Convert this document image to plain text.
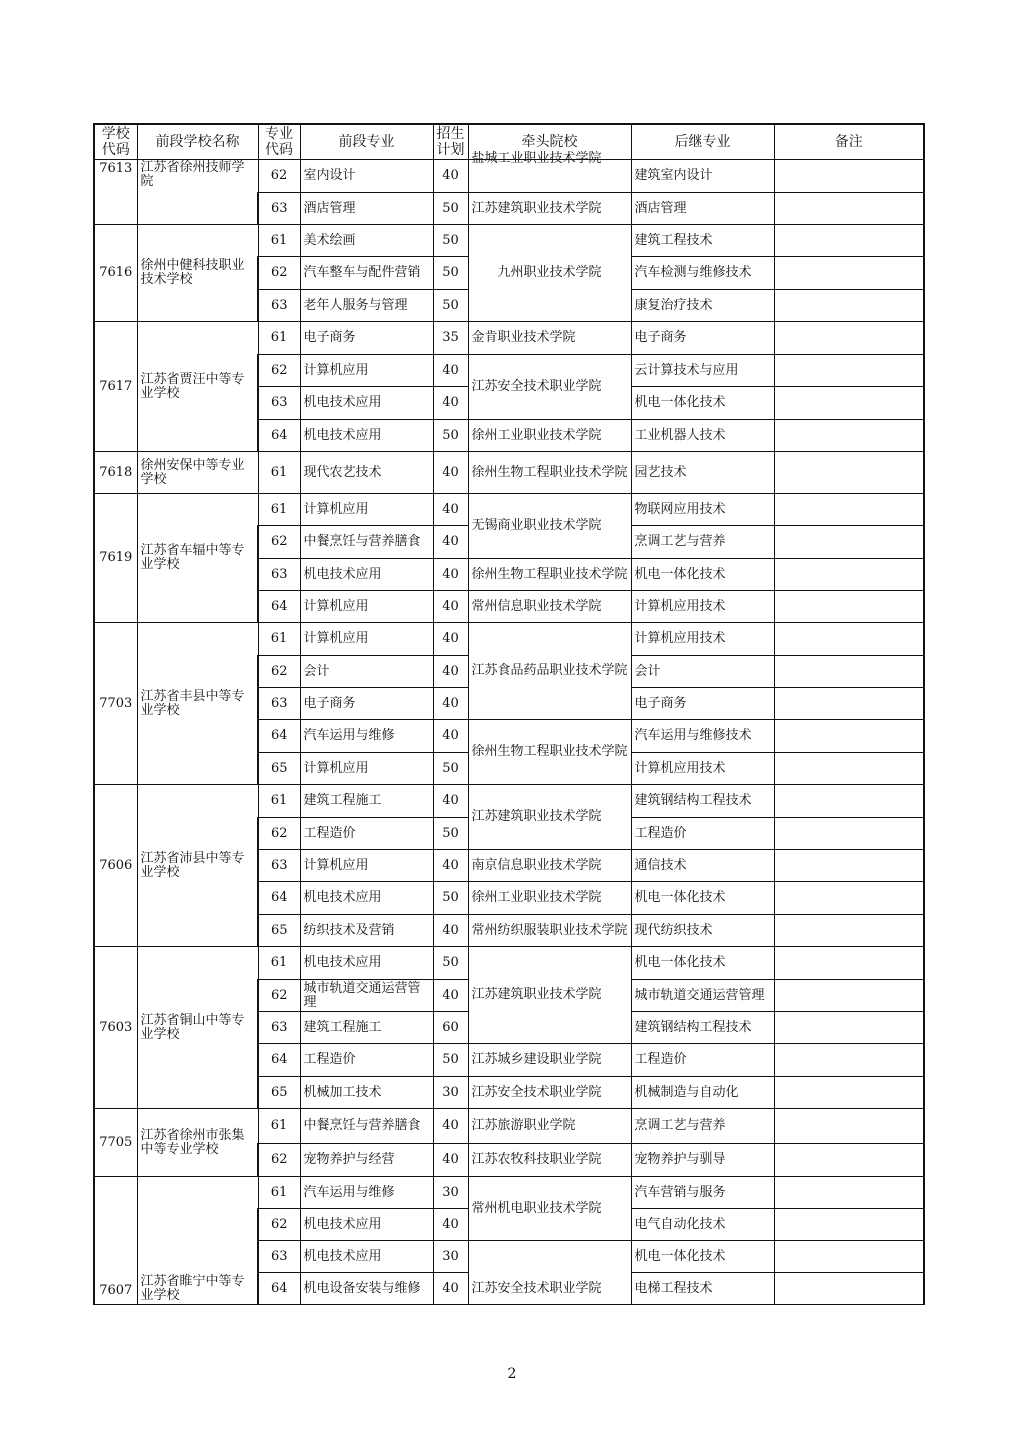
学校代码	前段学校名称	专业代码	前段专业	招生计划	牵头院校	后继专业	备注
7613	江苏省徐州技师学院	62	室内设计	40	盐城工业职业技术学院	建筑室内设计	
		63	酒店管理	50	江苏建筑职业技术学院	酒店管理	
7616	徐州中健科技职业技术学校	61	美术绘画	50	九州职业技术学院	建筑工程技术	
		62	汽车整车与配件营销	50		汽车检测与维修技术	
		63	老年人服务与管理	50		康复治疗技术	
7617	江苏省贾汪中等专业学校	61	电子商务	35	金肯职业技术学院	电子商务	
		62	计算机应用	40	江苏安全技术职业学院	云计算技术与应用	
		63	机电技术应用	40		机电一体化技术	
		64	机电技术应用	50	徐州工业职业技术学院	工业机器人技术	
7618	徐州安保中等专业学校	61	现代农艺技术	40	徐州生物工程职业技术学院	园艺技术	
7619	江苏省车辐中等专业学校	61	计算机应用	40	无锡商业职业技术学院	物联网应用技术	
		62	中餐烹饪与营养膳食	40		烹调工艺与营养	
		63	机电技术应用	40	徐州生物工程职业技术学院	机电一体化技术	
		64	计算机应用	40	常州信息职业技术学院	计算机应用技术	
7703	江苏省丰县中等专业学校	61	计算机应用	40	江苏食品药品职业技术学院	计算机应用技术	
		62	会计	40		会计	
		63	电子商务	40		电子商务	
		64	汽车运用与维修	40	徐州生物工程职业技术学院	汽车运用与维修技术	
		65	计算机应用	50		计算机应用技术	
7606	江苏省沛县中等专业学校	61	建筑工程施工	40	江苏建筑职业技术学院	建筑钢结构工程技术	
		62	工程造价	50		工程造价	
		63	计算机应用	40	南京信息职业技术学院	通信技术	
		64	机电技术应用	50	徐州工业职业技术学院	机电一体化技术	
		65	纺织技术及营销	40	常州纺织服装职业技术学院	现代纺织技术	
7603	江苏省铜山中等专业学校	61	机电技术应用	50	江苏建筑职业技术学院	机电一体化技术	
		62	城市轨道交通运营管理	40		城市轨道交通运营管理	
		63	建筑工程施工	60		建筑钢结构工程技术	
		64	工程造价	50	江苏城乡建设职业学院	工程造价	
		65	机械加工技术	30	江苏安全技术职业学院	机械制造与自动化	
7705	江苏省徐州市张集中等专业学校	61	中餐烹饪与营养膳食	40	江苏旅游职业学院	烹调工艺与营养	
		62	宠物养护与经营	40	江苏农牧科技职业学院	宠物养护与驯导	
7607	江苏省睢宁中等专业学校	61	汽车运用与维修	30	常州机电职业技术学院	汽车营销与服务	
		62	机电技术应用	40		电气自动化技术	
		63	机电技术应用	30	江苏安全技术职业学院	机电一体化技术	
		64	机电设备安装与维修	40		电梯工程技术	
2
